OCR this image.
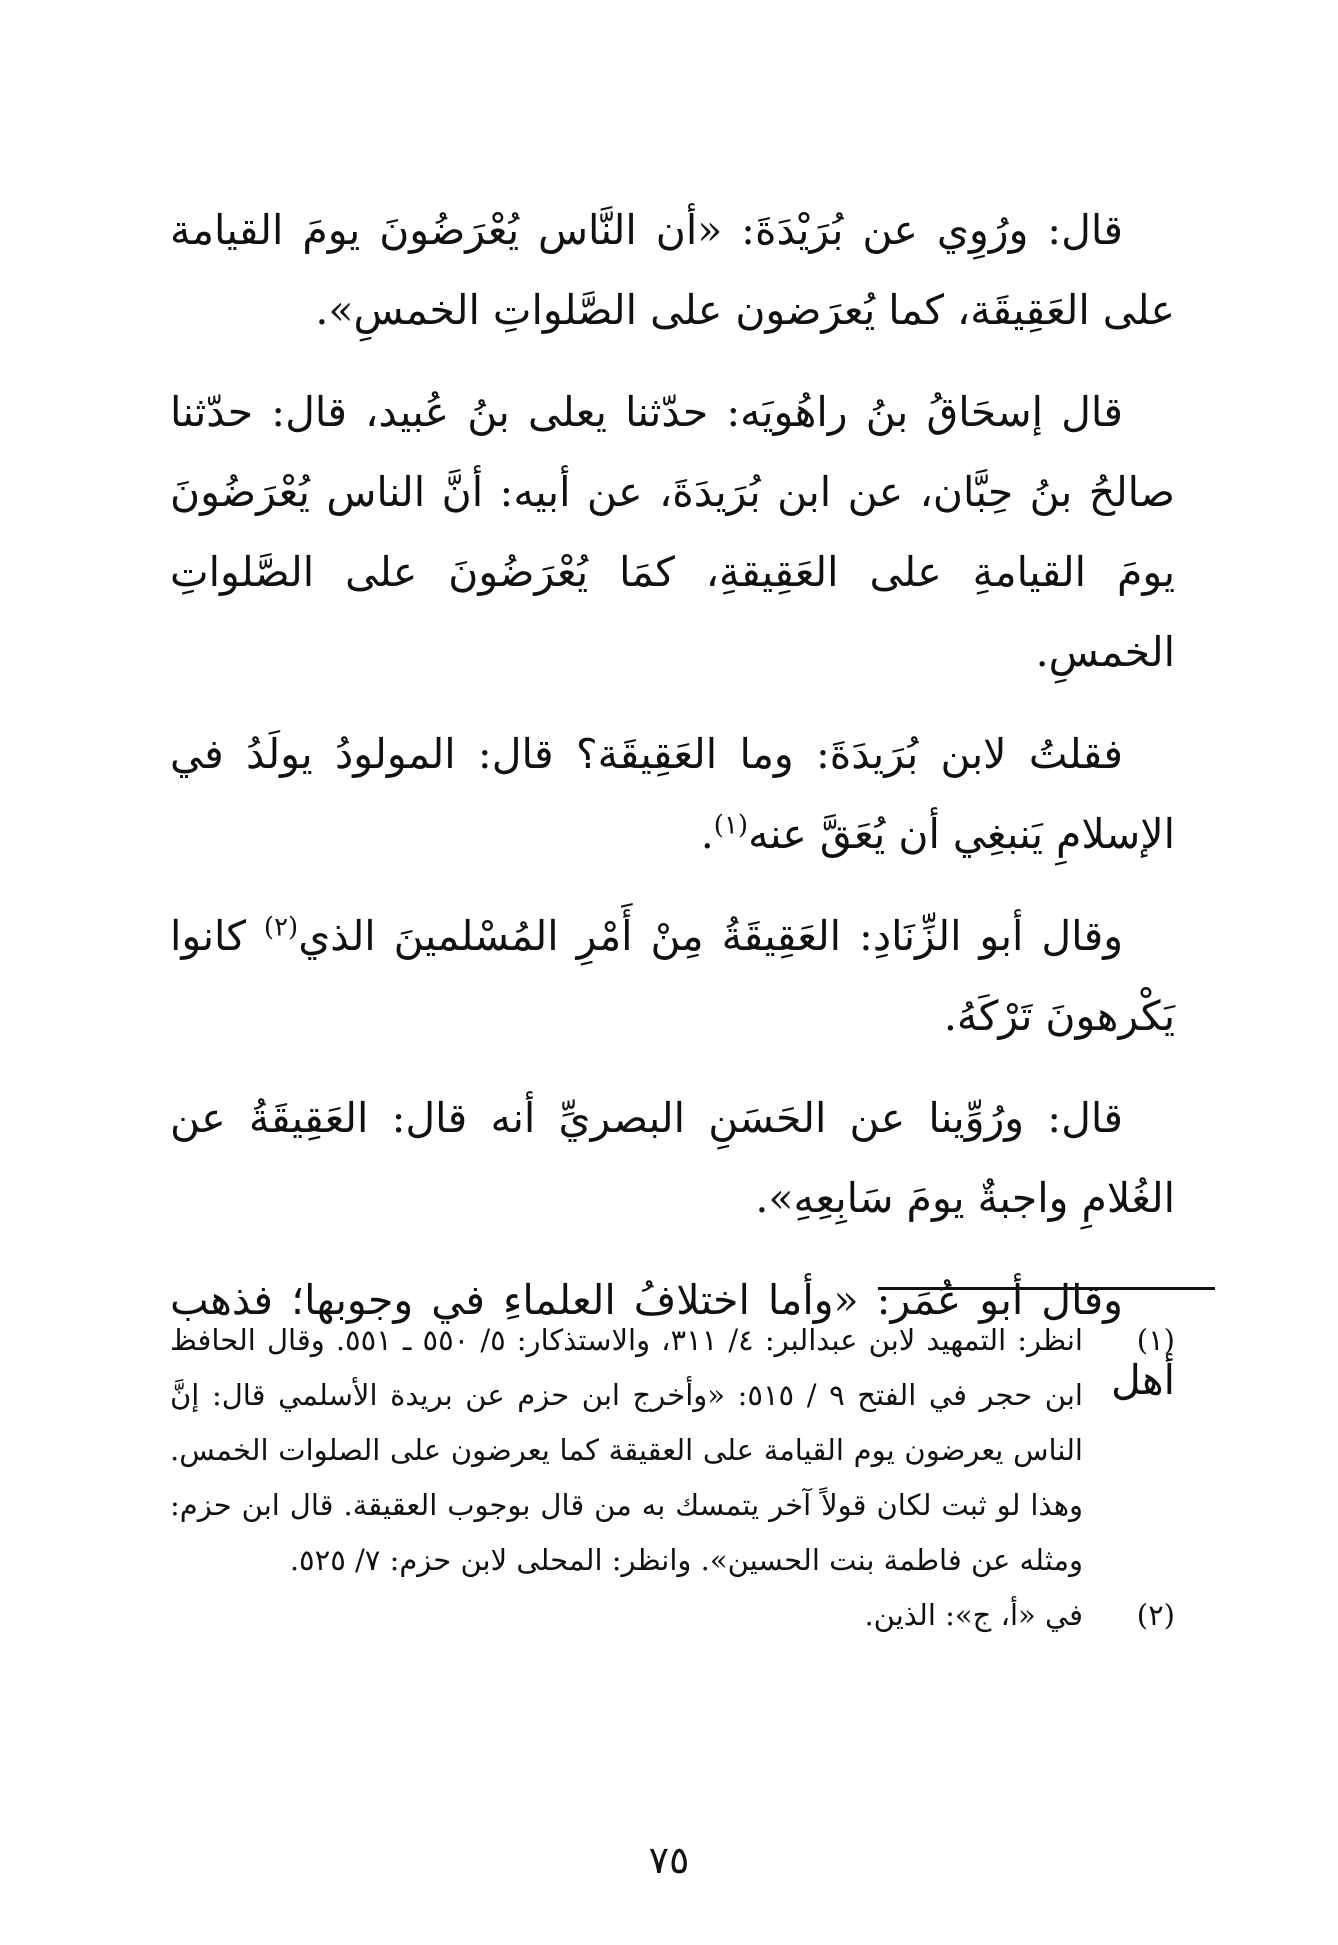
قال: ورُوِي عن بُرَيْدَةَ: «أن النَّاس يُعْرَضُونَ يومَ القيامة على العَقِيقَة، كما يُعرَضون على الصَّلواتِ الخمسِ».

قال إسحَاقُ بنُ راهُويَه: حدّثنا يعلى بنُ عُبيد، قال: حدّثنا صالحُ بنُ حِبَّان، عن ابن بُرَيدَةَ، عن أبيه: أنَّ الناس يُعْرَضُونَ يومَ القيامةِ على العَقِيقةِ، كمَا يُعْرَضُونَ على الصَّلواتِ الخمسِ.

فقلتُ لابن بُرَيدَةَ: وما العَقِيقَة؟ قال: المولودُ يولَدُ في الإسلامِ يَنبغِي أن يُعَقَّ عنه$^{(١)}$.

وقال أبو الزِّنَادِ: العَقِيقَةُ مِنْ أَمْرِ المُسْلمينَ الذي$^{(٢)}$ كانوا يَكْرهونَ تَرْكَهُ.

قال: ورُوِّينا عن الحَسَنِ البصريِّ أنه قال: العَقِيقَةُ عن الغُلامِ واجبةٌ يومَ سَابِعِهِ».

وقال أبو عُمَر: «وأما اختلافُ العلماءِ في وجوبها؛ فذهب أهل

(١)
انظر: التمهيد لابن عبدالبر: ٤/ ٣١١، والاستذكار: ٥/ ٥٥٠ ـ ٥٥١. وقال الحافظ ابن حجر في الفتح ٩ / ٥١٥: «وأخرج ابن حزم عن بريدة الأسلمي قال: إنَّ الناس يعرضون يوم القيامة على العقيقة كما يعرضون على الصلوات الخمس. وهذا لو ثبت لكان قولاً آخر يتمسك به من قال بوجوب العقيقة. قال ابن حزم: ومثله عن فاطمة بنت الحسين». وانظر: المحلى لابن حزم: ٧/ ٥٢٥.

(٢)
في «أ، ج»: الذين.

٧٥
